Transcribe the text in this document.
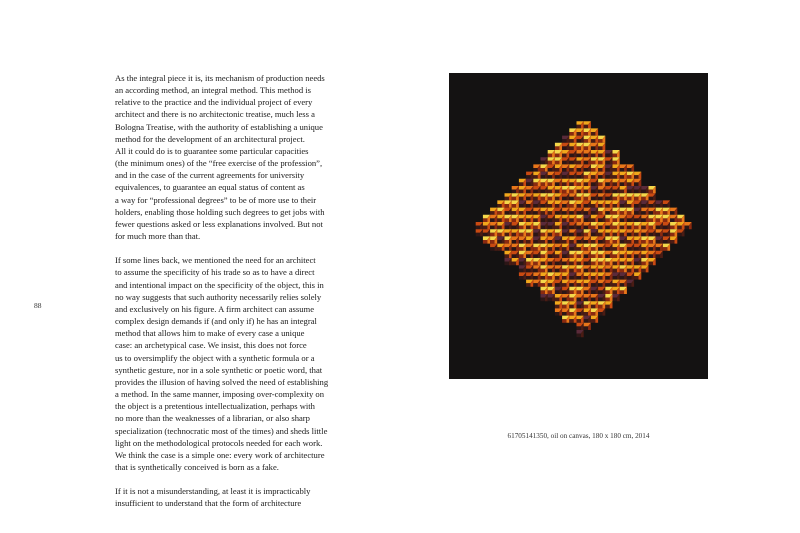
88

As the integral piece it is, its mechanism of production needs
an according method, an integral method. This method is
relative to the practice and the individual project of every
architect and there is no architectonic treatise, much less a
Bologna Treatise, with the authority of establishing a unique
method for the development of an architectural project.
All it could do is to guarantee some particular capacities
(the minimum ones) of the “free exercise of the profession”,
and in the case of the current agreements for university
equivalences, to guarantee an equal status of content as
a way for “professional degrees” to be of more use to their
holders, enabling those holding such degrees to get jobs with
fewer questions asked or less explanations involved. But not
for much more than that.

If some lines back, we mentioned the need for an architect
to assume the specificity of his trade so as to have a direct
and intentional impact on the specificity of the object, this in
no way suggests that such authority necessarily relies solely
and exclusively on his figure. A firm architect can assume
complex design demands if (and only if) he has an integral
method that allows him to make of every case a unique
case: an archetypical case. We insist, this does not force
us to oversimplify the object with a synthetic formula or a
synthetic gesture, nor in a sole synthetic or poetic word, that
provides the illusion of having solved the need of establishing
a method. In the same manner, imposing over-complexity on
the object is a pretentious intellectualization, perhaps with
no more than the weaknesses of a librarian, or also sharp
specialization (technocratic most of the times) and sheds little
light on the methodological protocols needed for each work.
We think the case is a simple one: every work of architecture
that is synthetically conceived is born as a fake.

If it is not a misunderstanding, at least it is impracticably
insufficient to understand that the form of architecture

61705141350, oil on canvas, 180 x 180 cm, 2014
